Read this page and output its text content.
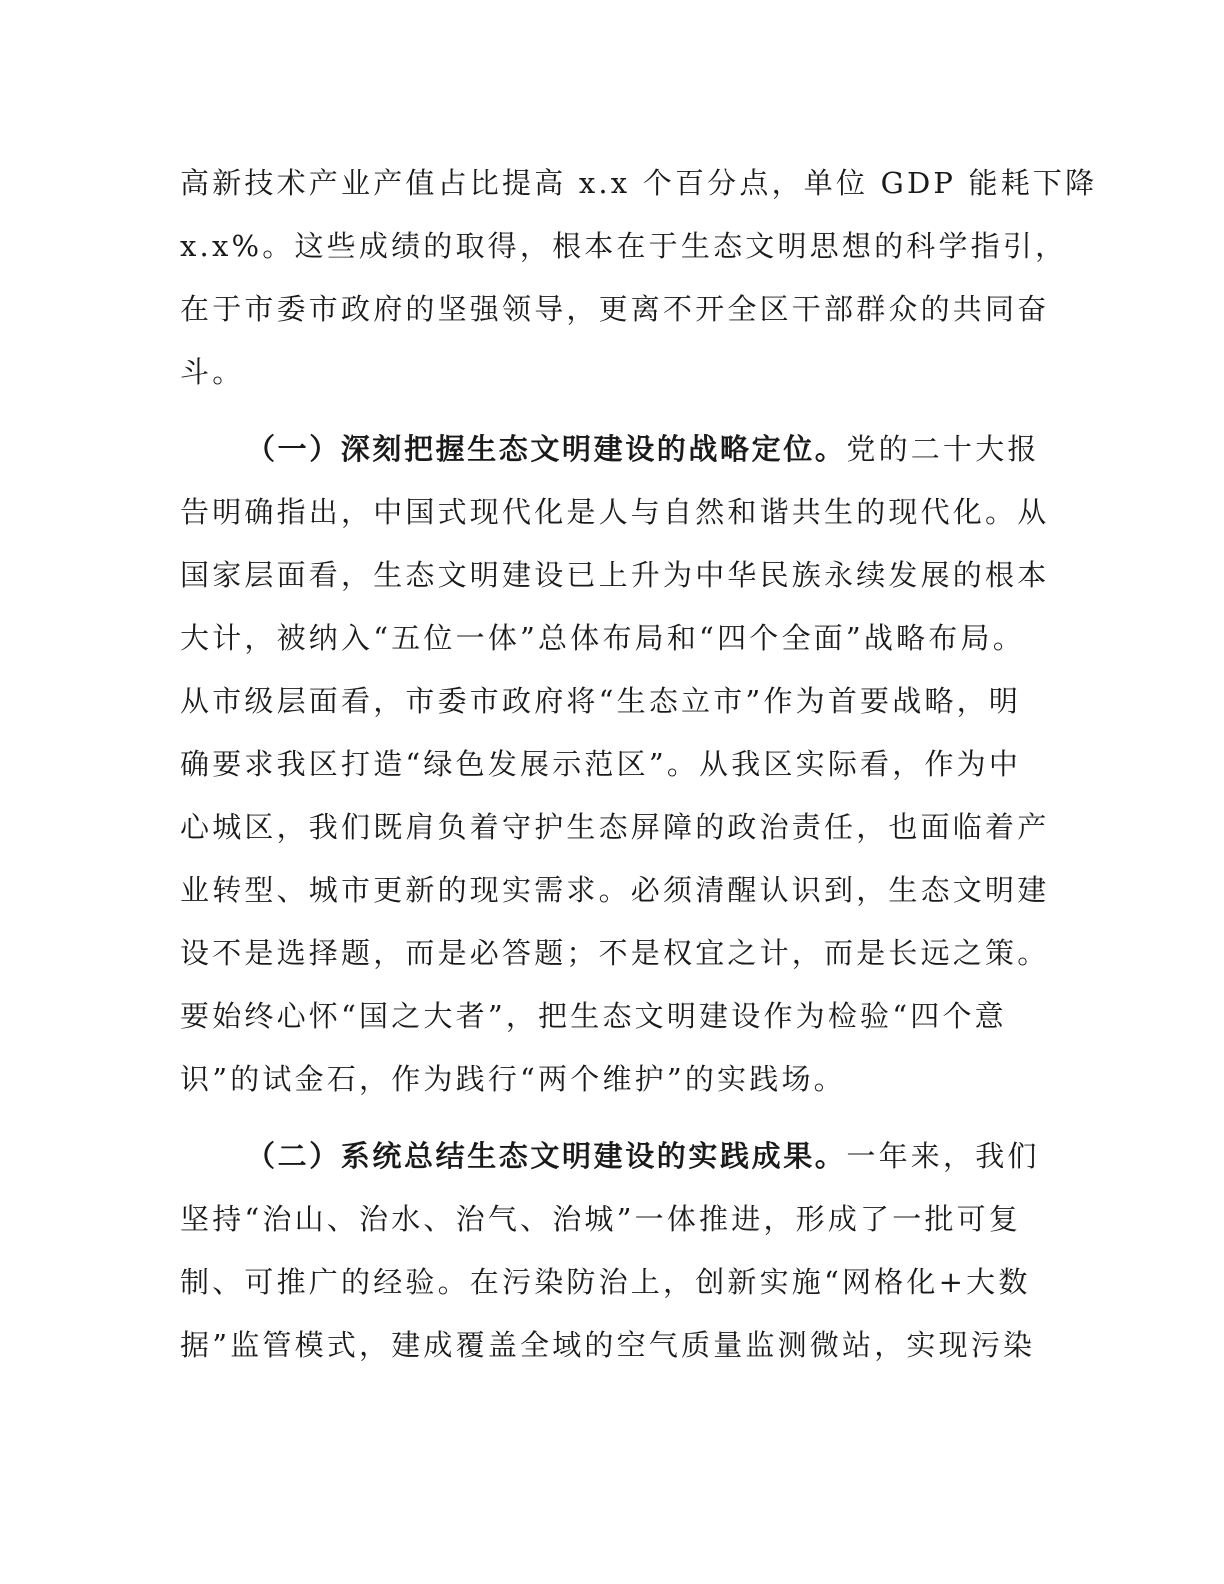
高新技术产业产值占比提高 x.x 个百分点，单位 GDP 能耗下降
x.x%。这些成绩的取得，根本在于生态文明思想的科学指引，
在于市委市政府的坚强领导，更离不开全区干部群众的共同奋
斗。
（一）深刻把握生态文明建设的战略定位。党的二十大报
告明确指出，中国式现代化是人与自然和谐共生的现代化。从
国家层面看，生态文明建设已上升为中华民族永续发展的根本
大计，被纳入“五位一体”总体布局和“四个全面”战略布局。
从市级层面看，市委市政府将“生态立市”作为首要战略，明
确要求我区打造“绿色发展示范区”。从我区实际看，作为中
心城区，我们既肩负着守护生态屏障的政治责任，也面临着产
业转型、城市更新的现实需求。必须清醒认识到，生态文明建
设不是选择题，而是必答题；不是权宜之计，而是长远之策。
要始终心怀“国之大者”，把生态文明建设作为检验“四个意
识”的试金石，作为践行“两个维护”的实践场。
（二）系统总结生态文明建设的实践成果。一年来，我们
坚持“治山、治水、治气、治城”一体推进，形成了一批可复
制、可推广的经验。在污染防治上，创新实施“网格化+大数
据”监管模式，建成覆盖全域的空气质量监测微站，实现污染
